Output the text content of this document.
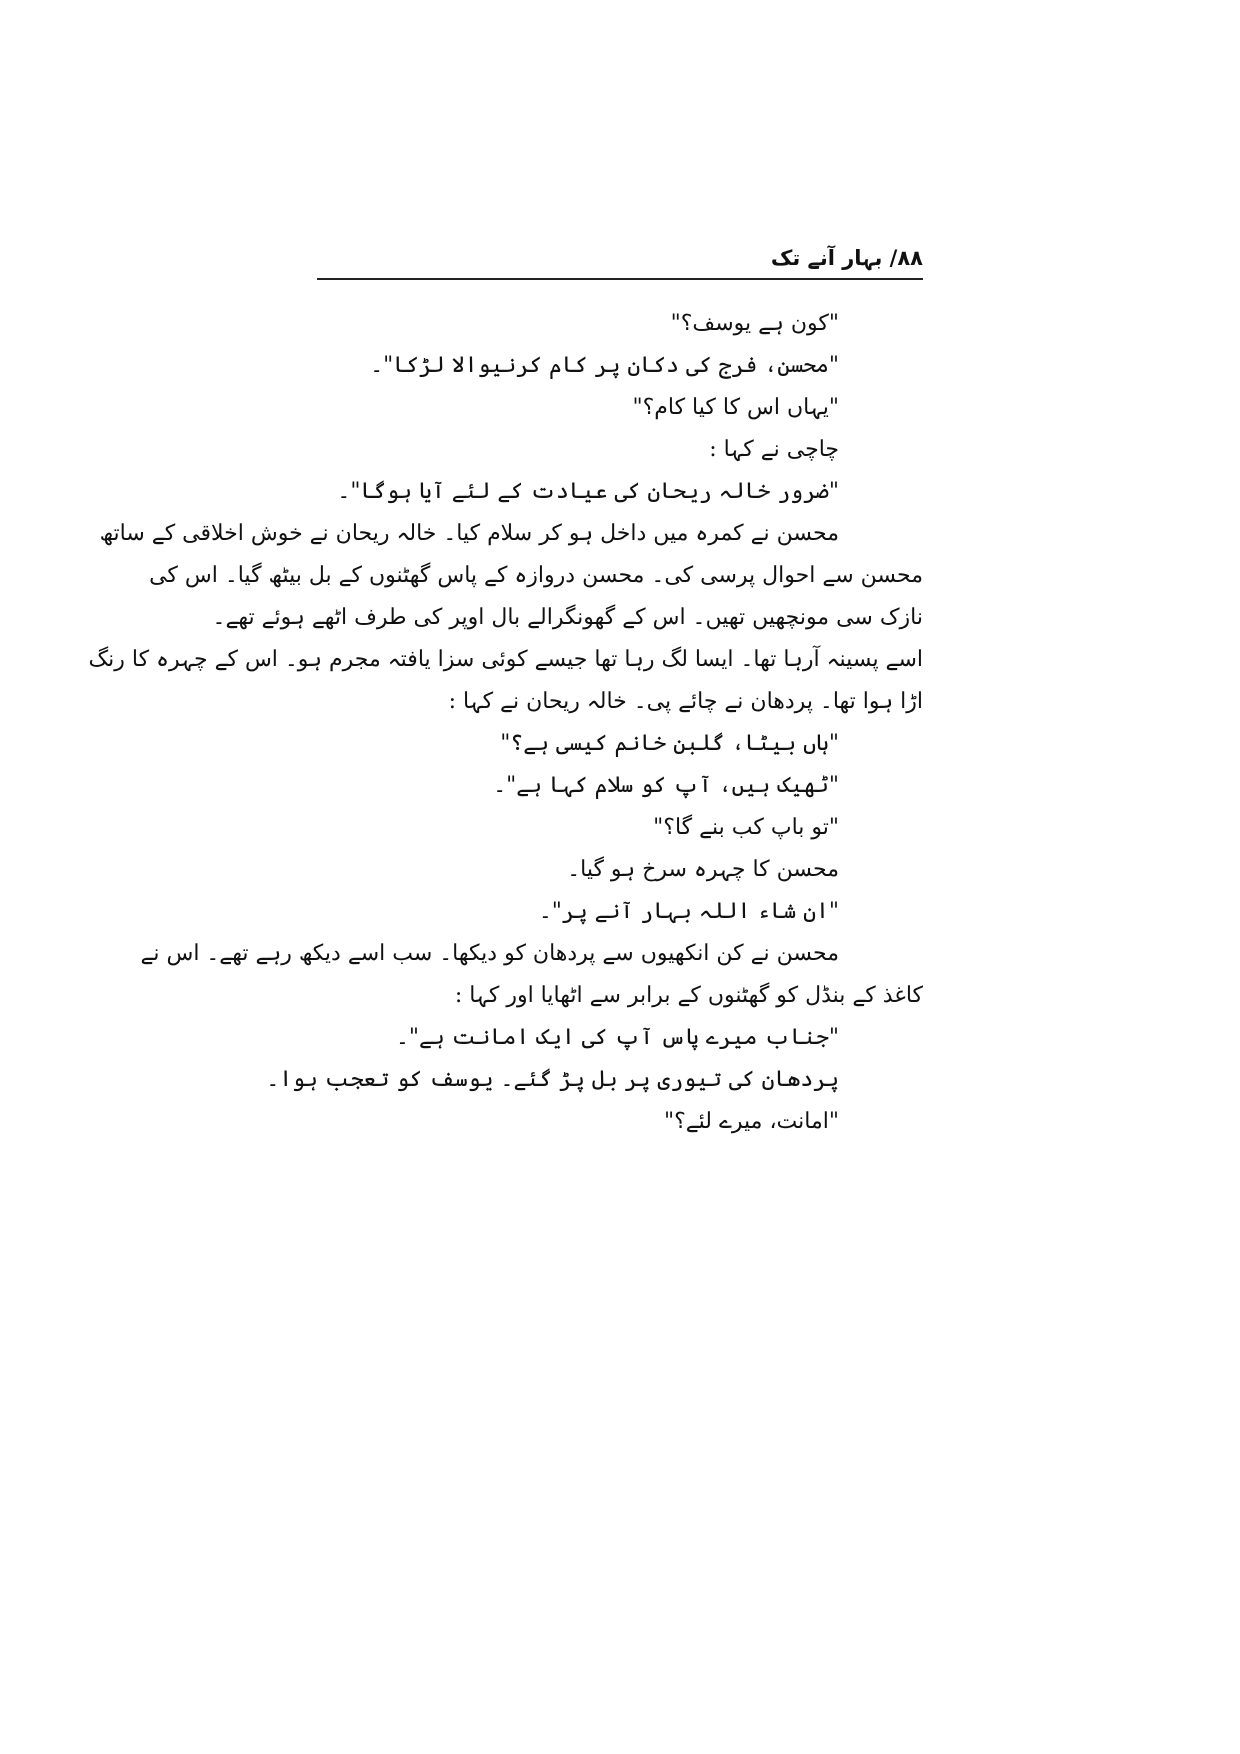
۸۸/ بہار آنے تک
"کون ہے یوسف؟"
"محسن، فرج کی دکان پر کام کرنیوالا لڑکا"۔
"یہاں اس کا کیا کام؟"
چاچی نے کہا :
"ضرور خالہ ریحان کی عیادت کے لئے آیا ہوگا"۔
محسن نے کمرہ میں داخل ہو کر سلام کیا۔ خالہ ریحان نے خوش اخلاقی کے ساتھ
محسن سے احوال پرسی کی۔ محسن دروازہ کے پاس گھٹنوں کے بل بیٹھ گیا۔ اس کی
نازک سی مونچھیں تھیں۔ اس کے گھونگرالے بال اوپر کی طرف اٹھے ہوئے تھے۔
اسے پسینہ آرہا تھا۔ ایسا لگ رہا تھا جیسے کوئی سزا یافتہ مجرم ہو۔ اس کے چہرہ کا رنگ
اڑا ہوا تھا۔ پردھان نے چائے پی۔ خالہ ریحان نے کہا :
"ہاں بیٹا، گلبن خانم کیسی ہے؟"
"ٹھیک ہیں، آپ کو سلام کہا ہے"۔
"تو باپ کب بنے گا؟"
محسن کا چہرہ سرخ ہو گیا۔
"ان شاء اللہ بہار آنے پر"۔
محسن نے کن انکھیوں سے پردھان کو دیکھا۔ سب اسے دیکھ رہے تھے۔ اس نے
کاغذ کے بنڈل کو گھٹنوں کے برابر سے اٹھایا اور کہا :
"جناب میرے پاس آپ کی ایک امانت ہے"۔
پردھان کی تیوری پر بل پڑ گئے۔ یوسف کو تعجب ہوا۔
"امانت، میرے لئے؟"
